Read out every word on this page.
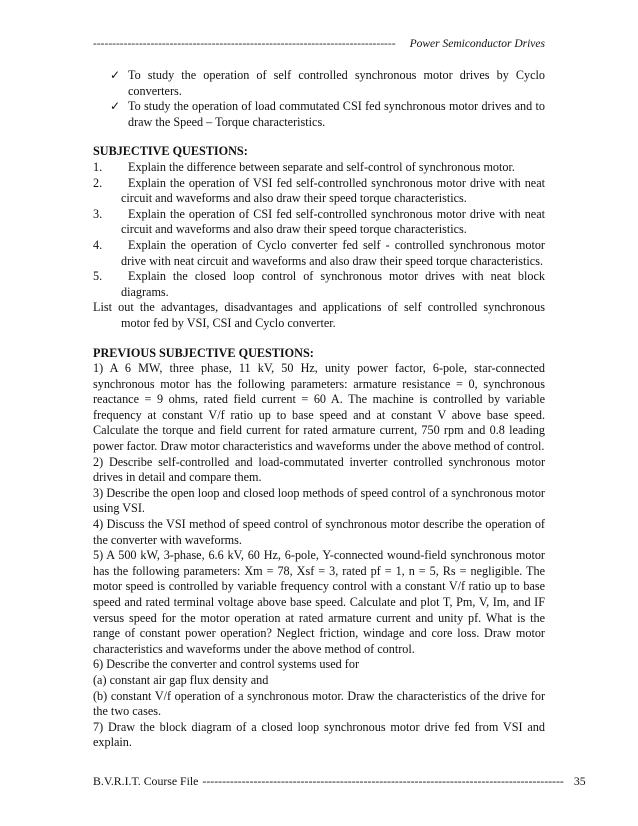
-------------------------------------------------------------------------------	Power Semiconductor Drives
✓ To study the operation of self controlled synchronous motor drives by Cyclo converters.
✓ To study the operation of load commutated CSI fed synchronous motor drives and to draw the Speed – Torque characteristics.

SUBJECTIVE QUESTIONS:

1.	Explain the difference between separate and self-control of synchronous motor.
2.	Explain the operation of VSI fed self-controlled synchronous motor drive with neat circuit and waveforms and also draw their speed torque characteristics.
3.	Explain the operation of CSI fed self-controlled synchronous motor drive with neat circuit and waveforms and also draw their speed torque characteristics.
4.	Explain the operation of Cyclo converter fed self - controlled synchronous motor drive with neat circuit and waveforms and also draw their speed torque characteristics.
5.	Explain the closed loop control of synchronous motor drives with neat block diagrams.
List out the advantages, disadvantages and applications of self controlled synchronous motor fed by VSI, CSI and Cyclo converter.

PREVIOUS SUBJECTIVE QUESTIONS:

1) A 6 MW, three phase, 11 kV, 50 Hz, unity power factor, 6-pole, star-connected synchronous motor has the following parameters: armature resistance = 0, synchronous reactance = 9 ohms, rated field current = 60 A. The machine is controlled by variable frequency at constant V/f ratio up to base speed and at constant V above base speed. Calculate the torque and field current for rated armature current, 750 rpm and 0.8 leading power factor. Draw motor characteristics and waveforms under the above method of control.

2) Describe self-controlled and load-commutated inverter controlled synchronous motor drives in detail and compare them.

3) Describe the open loop and closed loop methods of speed control of a synchronous motor using VSI.

4) Discuss the VSI method of speed control of synchronous motor describe the operation of the converter with waveforms.

5) A 500 kW, 3-phase, 6.6 kV, 60 Hz, 6-pole, Y-connected wound-field synchronous motor has the following parameters: Xm = 78, Xsf = 3, rated pf = 1, n = 5, Rs = negligible. The motor speed is controlled by variable frequency control with a constant V/f ratio up to base speed and rated terminal voltage above base speed. Calculate and plot T, Pm, V, Im, and IF versus speed for the motor operation at rated armature current and unity pf. What is the range of constant power operation? Neglect friction, windage and core loss. Draw motor characteristics and waveforms under the above method of control.

6) Describe the converter and control systems used for

(a) constant air gap flux density and

(b) constant V/f operation of a synchronous motor. Draw the characteristics of the drive for the two cases.

7) Draw the block diagram of a closed loop synchronous motor drive fed from VSI and explain.

B.V.R.I.T. Course File -------------------------------------------------------------------------------------------- 35
